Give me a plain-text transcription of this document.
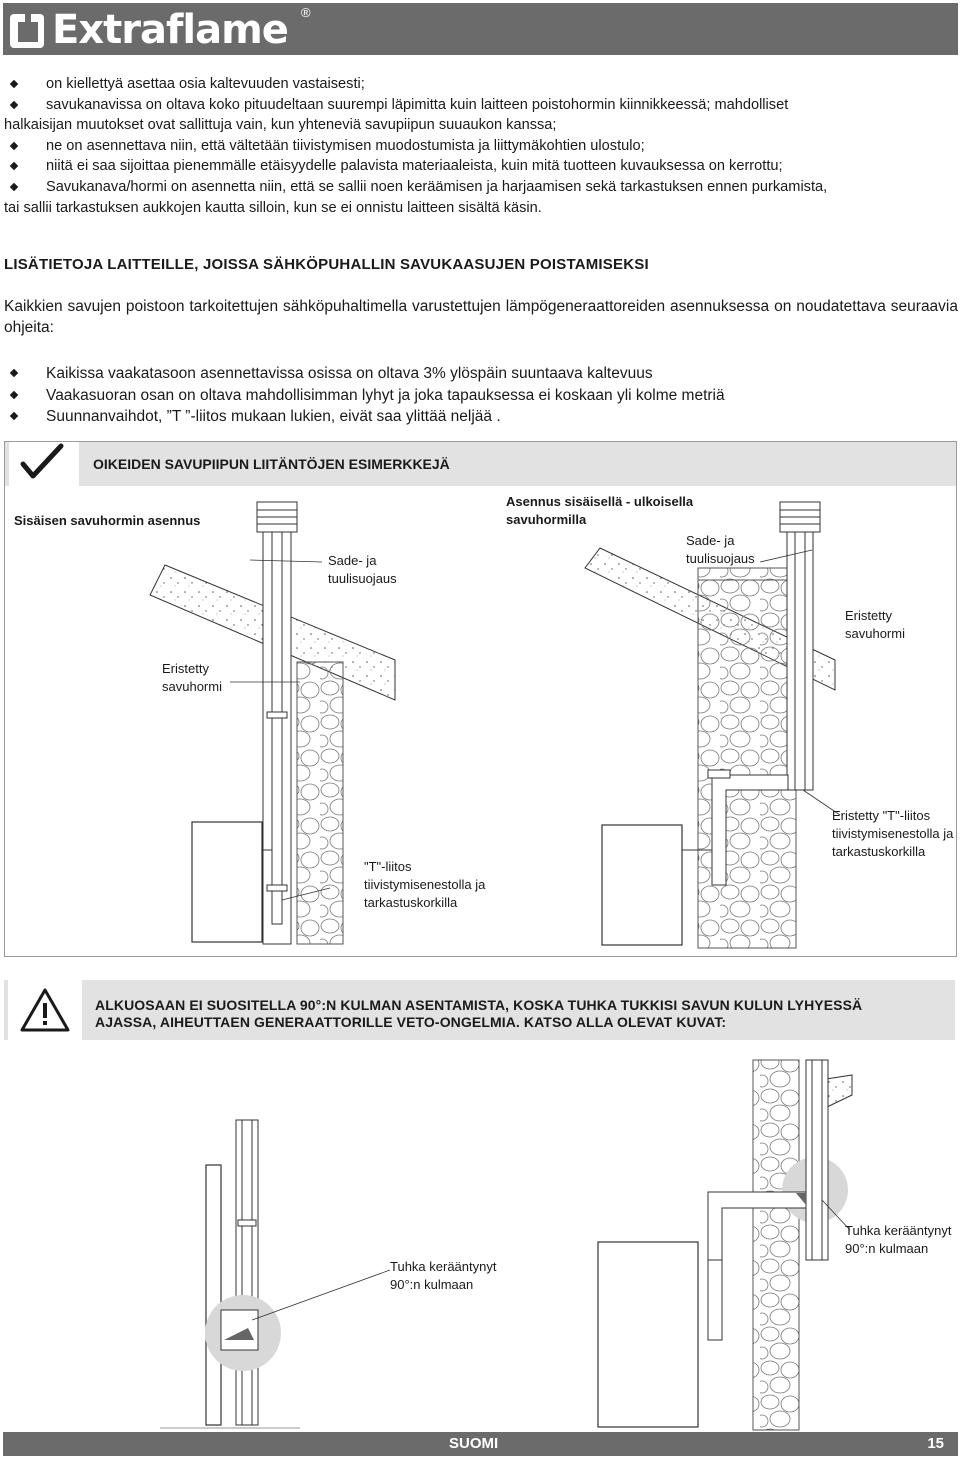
Extraflame ®
on kiellettyä asettaa osia kaltevuuden vastaisesti;
savukanavissa on oltava koko pituudeltaan suurempi läpimitta kuin laitteen poistohormin kiinnikkeessä; mahdolliset
halkaisijan muutokset ovat sallittuja vain, kun yhteneviä savupiipun suuaukon kanssa;
ne on asennettava niin, että vältetään tiivistymisen muodostumista ja liittymäkohtien ulostulo;
niitä ei saa sijoittaa pienemmälle etäisyydelle palavista materiaaleista, kuin mitä tuotteen kuvauksessa on kerrottu;
Savukanava/hormi on asennetta niin, että se sallii noen keräämisen ja harjaamisen sekä tarkastuksen ennen purkamista,
tai sallii tarkastuksen aukkojen kautta silloin, kun se ei onnistu laitteen sisältä käsin.
LISÄTIETOJA LAITTEILLE, JOISSA SÄHKÖPUHALLIN SAVUKAASUJEN POISTAMISEKSI
Kaikkien savujen poistoon tarkoitettujen sähköpuhaltimella varustettujen lämpögeneraattoreiden asennuksessa on noudatettava seuraavia ohjeita:
Kaikissa vaakatasoon asennettavissa osissa on oltava 3% ylöspäin suuntaava kaltevuus
Vaakasuoran osan on oltava mahdollisimman lyhyt ja joka tapauksessa ei koskaan yli kolme metriä
Suunnanvaihdot, ”T ”-liitos mukaan lukien, eivät saa ylittää neljää .
OIKEIDEN SAVUPIIPUN LIITÄNTÖJEN ESIMERKKEJÄ
Sisäisen savuhormin asennus
Sade- ja tuulisuojaus
Eristetty savuhormi
"T"-liitos tiivistymisenestolla ja tarkastuskorkilla
Asennus sisäisellä - ulkoisella savuhormilla
Sade- ja tuulisuojaus
Eristetty savuhormi
Eristetty "T"-liitos tiivistymisenestolla ja tarkastuskorkilla
ALKUOSAAN EI SUOSITELLA 90°:N KULMAN ASENTAMISTA, KOSKA TUHKA TUKKISI SAVUN KULUN LYHYESSÄ
AJASSA, AIHEUTTAEN GENERAATTORILLE VETO-ONGELMIA. KATSO ALLA OLEVAT KUVAT:
Tuhka kerääntynyt 90°:n kulmaan
Tuhka kerääntynyt 90°:n kulmaan
SUOMI	15
